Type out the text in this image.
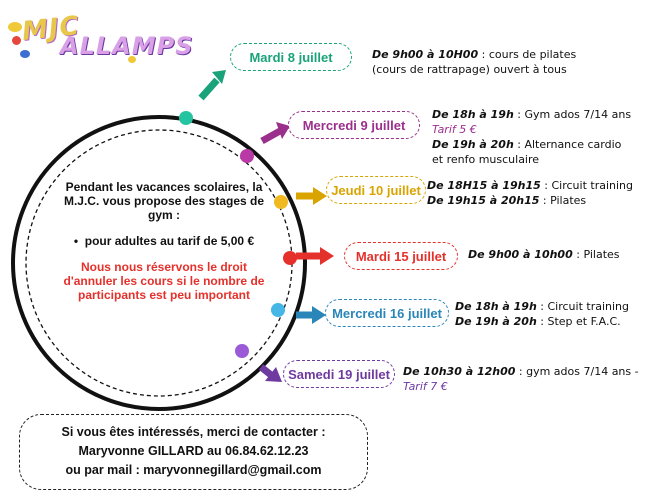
MJC
ALLAMPS	Mardi 8 juillet
Mercredi 9 juillet
Jeudi 10 juillet
Mardi 15 juillet
Mercredi 16 juillet
Samedi 19 juillet
De 9h00 à 10H00 : cours de pilates
(cours de rattrapage) ouvert à tous
De 18h à 19h : Gym ados 7/14 ans
Tarif 5 €
De 19h à 20h : Alternance cardio
et renfo musculaire
De 18H15 à 19h15 : Circuit training
De 19h15 à 20h15 : Pilates
De 9h00 à 10h00 : Pilates
De 18h à 19h : Circuit training
De 19h à 20h : Step et F.A.C.
De 10h30 à 12h00 : gym ados 7/14 ans -
Tarif 7 €
Pendant les vacances scolaires, la M.J.C. vous propose des stages de gym :
•  pour adultes au tarif de 5,00 €
Nous nous réservons le droit d'annuler les cours si le nombre de participants est peu important
Si vous êtes intéressés, merci de contacter :
Maryvonne GILLARD au 06.84.62.12.23
ou par mail : maryvonnegillard@gmail.com
